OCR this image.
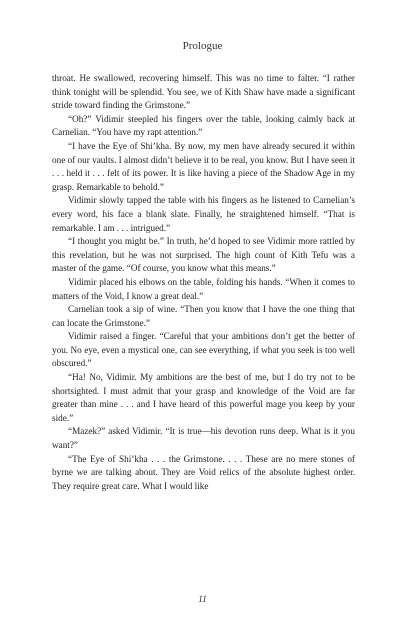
Prologue

throat. He swallowed, recovering himself. This was no time to falter. “I rather think tonight will be splendid. You see, we of Kith Shaw have made a significant stride toward finding the Grimstone.”

“Oh?” Vidimir steepled his fingers over the table, looking calmly back at Carnelian. “You have my rapt attention.”

“I have the Eye of Shi’kha. By now, my men have already secured it within one of our vaults. I almost didn’t believe it to be real, you know. But I have seen it . . . held it . . . felt of its power. It is like having a piece of the Shadow Age in my grasp. Remarkable to behold.”

Vidimir slowly tapped the table with his fingers as he listened to Carnelian’s every word, his face a blank slate. Finally, he straightened himself. “That is remarkable. I am . . . intrigued.”

“I thought you might be.” In truth, he’d hoped to see Vidimir more rattled by this revelation, but he was not surprised. The high count of Kith Tefu was a master of the game. “Of course, you know what this means.”

Vidimir placed his elbows on the table, folding his hands. “When it comes to matters of the Void, I know a great deal.”

Carnelian took a sip of wine. “Then you know that I have the one thing that can locate the Grimstone.”

Vidimir raised a finger. “Careful that your ambitions don’t get the better of you. No eye, even a mystical one, can see everything, if what you seek is too well obscured.”

“Ha! No, Vidimir. My ambitions are the best of me, but I do try not to be shortsighted. I must admit that your grasp and knowledge of the Void are far greater than mine . . . and I have heard of this powerful mage you keep by your side.”

“Mazek?” asked Vidimir. “It is true—his devotion runs deep. What is it you want?”

“The Eye of Shi’kha . . . the Grimstone. . . . These are no mere stones of byrne we are talking about. They are Void relics of the absolute highest order. They require great care. What I would like

11
